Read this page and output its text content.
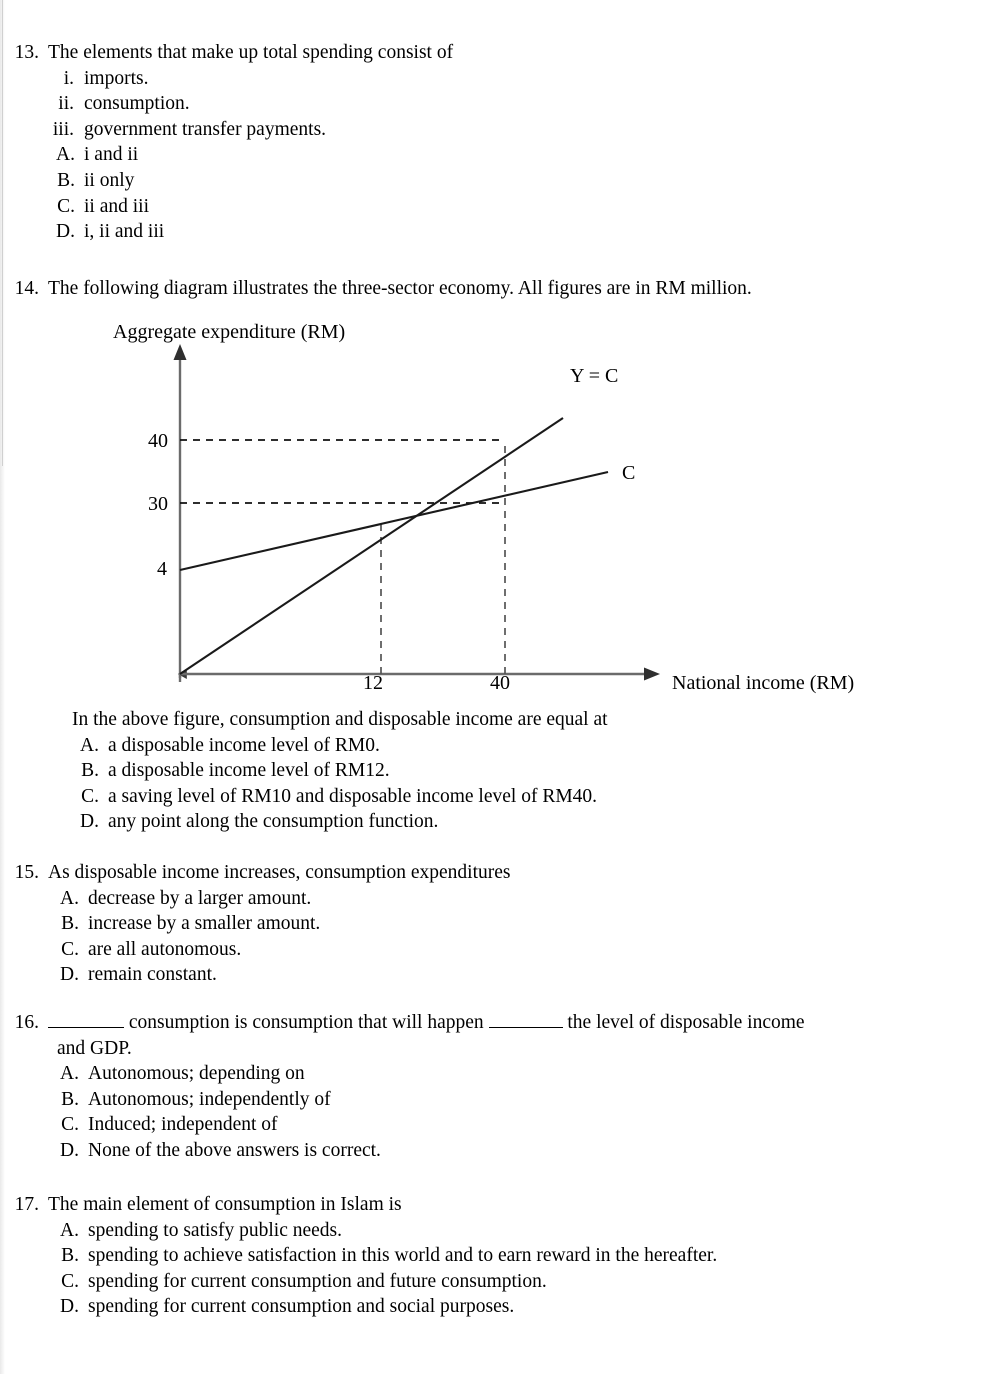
13. The elements that make up total spending consist of
i. imports.
ii. consumption.
iii. government transfer payments.
A. i and ii
B. ii only
C. ii and iii
D. i, ii and iii
14. The following diagram illustrates the three-sector economy. All figures are in RM million.
Aggregate expenditure (RM)
National income (RM)
Y = C
C
40
30
4
12	40
In the above figure, consumption and disposable income are equal at
A. a disposable income level of RM0.
B. a disposable income level of RM12.
C. a saving level of RM10 and disposable income level of RM40.
D. any point along the consumption function.
15. As disposable income increases, consumption expenditures
A. decrease by a larger amount.
B. increase by a smaller amount.
C. are all autonomous.
D. remain constant.
16.	consumption is consumption that will happen	the level of disposable income
and GDP.
A. Autonomous; depending on
B. Autonomous; independently of
C. Induced; independent of
D. None of the above answers is correct.
17. The main element of consumption in Islam is
A. spending to satisfy public needs.
B. spending to achieve satisfaction in this world and to earn reward in the hereafter.
C. spending for current consumption and future consumption.
D. spending for current consumption and social purposes.
